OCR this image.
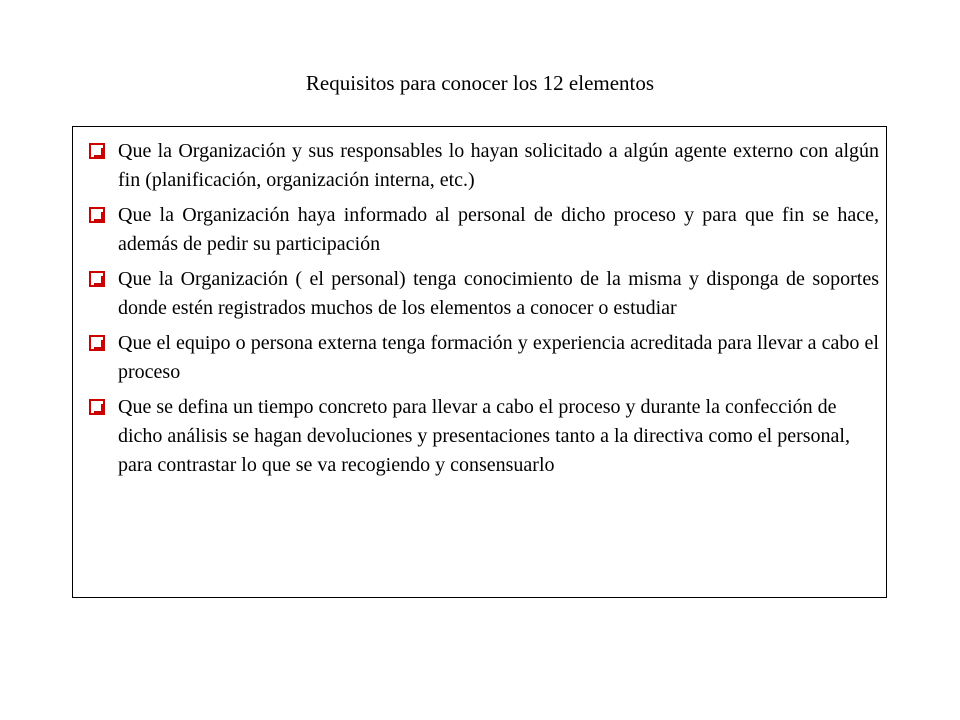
Requisitos para conocer los 12 elementos
Que la Organización y sus responsables lo hayan solicitado a algún agente externo con algún fin (planificación, organización interna, etc.)
Que la Organización haya informado al personal de dicho proceso y para que fin se hace, además de pedir su participación
Que la Organización ( el personal) tenga conocimiento de la misma y disponga de soportes donde estén registrados muchos de los elementos a conocer o estudiar
Que el equipo o persona externa tenga formación y experiencia acreditada para llevar a cabo el proceso
Que se defina un tiempo concreto para llevar a cabo el proceso y durante la confección de dicho análisis se hagan devoluciones y presentaciones tanto a la directiva como el personal, para contrastar lo que se va recogiendo y consensuarlo
